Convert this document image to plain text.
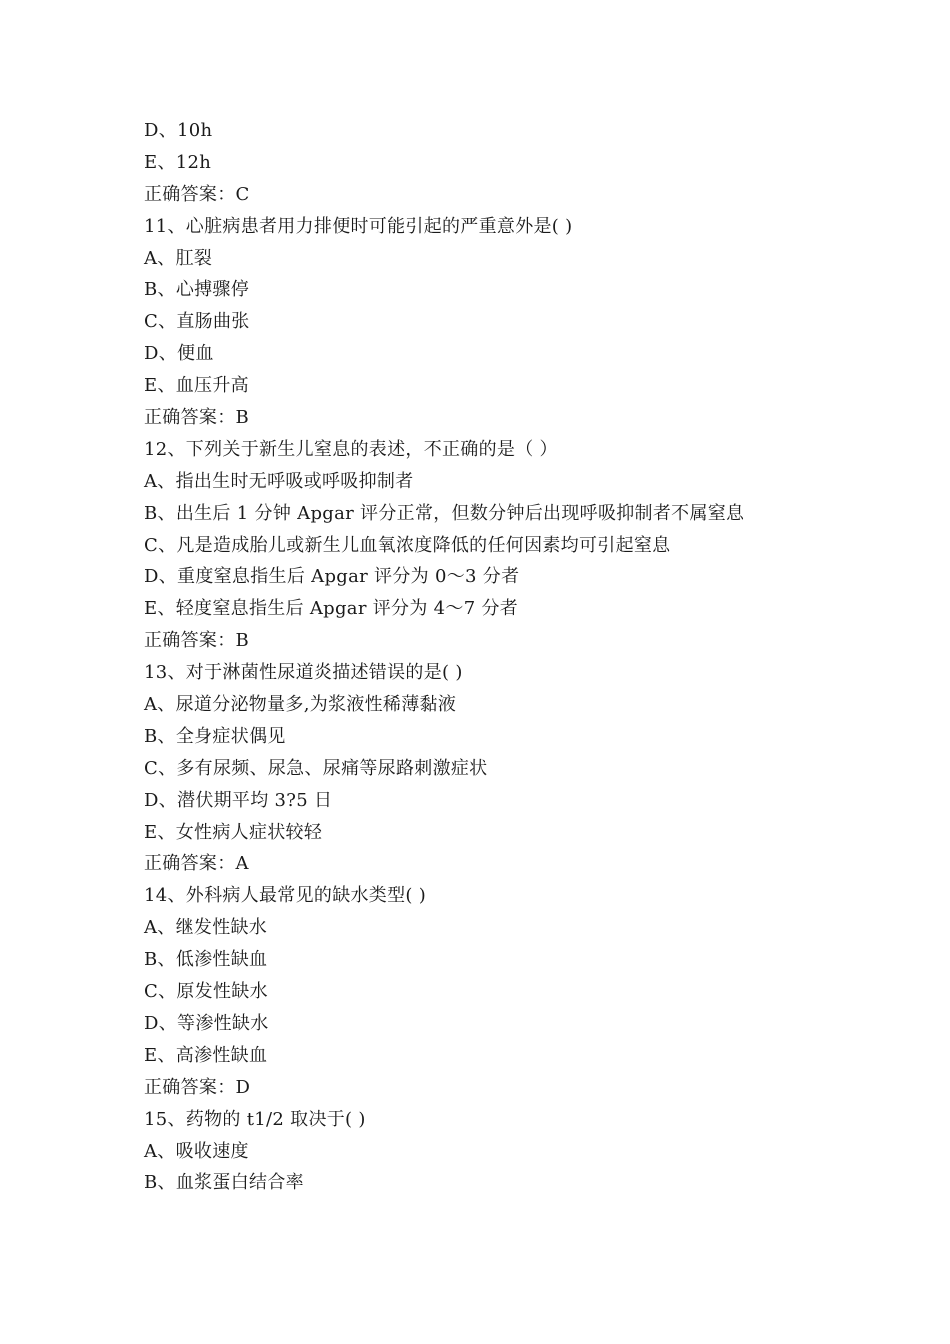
D、10h
E、12h
正确答案：C
11、心脏病患者用力排便时可能引起的严重意外是( )
A、肛裂
B、心搏骤停
C、直肠曲张
D、便血
E、血压升高
正确答案：B
12、下列关于新生儿窒息的表述，不正确的是（ ）
A、指出生时无呼吸或呼吸抑制者
B、出生后 1 分钟 Apgar 评分正常，但数分钟后出现呼吸抑制者不属窒息
C、凡是造成胎儿或新生儿血氧浓度降低的任何因素均可引起窒息
D、重度窒息指生后 Apgar 评分为 0～3 分者
E、轻度窒息指生后 Apgar 评分为 4～7 分者
正确答案：B
13、对于淋菌性尿道炎描述错误的是( )
A、尿道分泌物量多,为浆液性稀薄黏液
B、全身症状偶见
C、多有尿频、尿急、尿痛等尿路刺激症状
D、潜伏期平均 3?5 日
E、女性病人症状较轻
正确答案：A
14、外科病人最常见的缺水类型( )
A、继发性缺水
B、低渗性缺血
C、原发性缺水
D、等渗性缺水
E、高渗性缺血
正确答案：D
15、药物的 t1/2 取决于( )
A、吸收速度
B、血浆蛋白结合率
